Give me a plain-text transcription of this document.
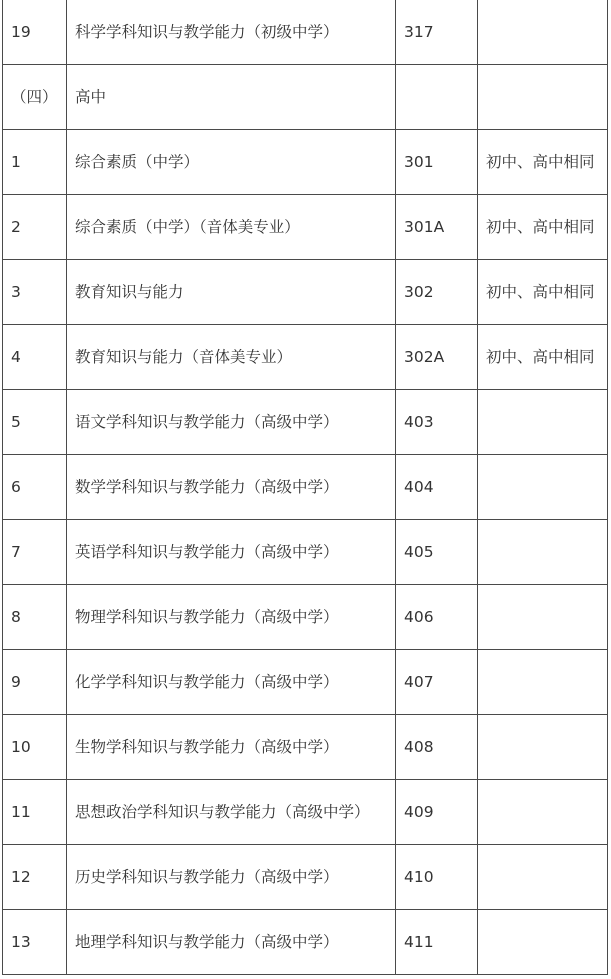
19	科学学科知识与教学能力（初级中学）	317	
（四）	高中		
1	综合素质（中学）	301	初中、高中相同
2	综合素质（中学）（音体美专业）	301A	初中、高中相同
3	教育知识与能力	302	初中、高中相同
4	教育知识与能力（音体美专业）	302A	初中、高中相同
5	语文学科知识与教学能力（高级中学）	403	
6	数学学科知识与教学能力（高级中学）	404	
7	英语学科知识与教学能力（高级中学）	405	
8	物理学科知识与教学能力（高级中学）	406	
9	化学学科知识与教学能力（高级中学）	407	
10	生物学科知识与教学能力（高级中学）	408	
11	思想政治学科知识与教学能力（高级中学）	409	
12	历史学科知识与教学能力（高级中学）	410	
13	地理学科知识与教学能力（高级中学）	411	
